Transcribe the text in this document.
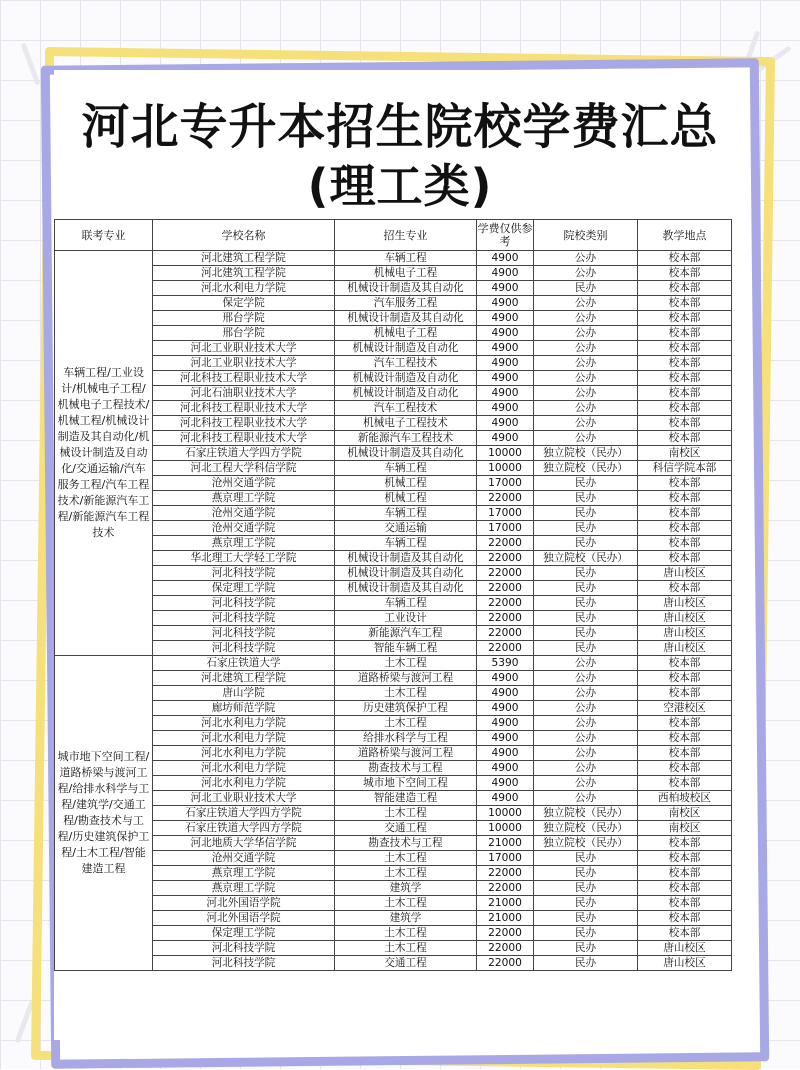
河北专升本招生院校学费汇总
(理工类)
联考专业	学校名称	招生专业	学费仅供参考	院校类别	教学地点
车辆工程/工业设计/机械电子工程/机械电子工程技术/机械工程/机械设计制造及其自动化/机械设计制造及自动化/交通运输/汽车服务工程/汽车工程技术/新能源汽车工程/新能源汽车工程技术	河北建筑工程学院	车辆工程	4900	公办	校本部
	河北建筑工程学院	机械电子工程	4900	公办	校本部
	河北水利电力学院	机械设计制造及其自动化	4900	民办	校本部
	保定学院	汽车服务工程	4900	公办	校本部
	邢台学院	机械设计制造及其自动化	4900	公办	校本部
	邢台学院	机械电子工程	4900	公办	校本部
	河北工业职业技术大学	机械设计制造及自动化	4900	公办	校本部
	河北工业职业技术大学	汽车工程技术	4900	公办	校本部
	河北科技工程职业技术大学	机械设计制造及自动化	4900	公办	校本部
	河北石油职业技术大学	机械设计制造及自动化	4900	公办	校本部
	河北科技工程职业技术大学	汽车工程技术	4900	公办	校本部
	河北科技工程职业技术大学	机械电子工程技术	4900	公办	校本部
	河北科技工程职业技术大学	新能源汽车工程技术	4900	公办	校本部
	石家庄铁道大学四方学院	机械设计制造及其自动化	10000	独立院校（民办）	南校区
	河北工程大学科信学院	车辆工程	10000	独立院校（民办）	科信学院本部
	沧州交通学院	机械工程	17000	民办	校本部
	燕京理工学院	机械工程	22000	民办	校本部
	沧州交通学院	车辆工程	17000	民办	校本部
	沧州交通学院	交通运输	17000	民办	校本部
	燕京理工学院	车辆工程	22000	民办	校本部
	华北理工大学轻工学院	机械设计制造及其自动化	22000	独立院校（民办）	校本部
	河北科技学院	机械设计制造及其自动化	22000	民办	唐山校区
	保定理工学院	机械设计制造及其自动化	22000	民办	校本部
	河北科技学院	车辆工程	22000	民办	唐山校区
	河北科技学院	工业设计	22000	民办	唐山校区
	河北科技学院	新能源汽车工程	22000	民办	唐山校区
	河北科技学院	智能车辆工程	22000	民办	唐山校区
城市地下空间工程/道路桥梁与渡河工程/给排水科学与工程/建筑学/交通工程/勘查技术与工程/历史建筑保护工程/土木工程/智能建造工程	石家庄铁道大学	土木工程	5390	公办	校本部
	河北建筑工程学院	道路桥梁与渡河工程	4900	公办	校本部
	唐山学院	土木工程	4900	公办	校本部
	廊坊师范学院	历史建筑保护工程	4900	公办	空港校区
	河北水利电力学院	土木工程	4900	公办	校本部
	河北水利电力学院	给排水科学与工程	4900	公办	校本部
	河北水利电力学院	道路桥梁与渡河工程	4900	公办	校本部
	河北水利电力学院	勘查技术与工程	4900	公办	校本部
	河北水利电力学院	城市地下空间工程	4900	公办	校本部
	河北工业职业技术大学	智能建造工程	4900	公办	西柏坡校区
	石家庄铁道大学四方学院	土木工程	10000	独立院校（民办）	南校区
	石家庄铁道大学四方学院	交通工程	10000	独立院校（民办）	南校区
	河北地质大学华信学院	勘查技术与工程	21000	独立院校（民办）	校本部
	沧州交通学院	土木工程	17000	民办	校本部
	燕京理工学院	土木工程	22000	民办	校本部
	燕京理工学院	建筑学	22000	民办	校本部
	河北外国语学院	土木工程	21000	民办	校本部
	河北外国语学院	建筑学	21000	民办	校本部
	保定理工学院	土木工程	22000	民办	校本部
	河北科技学院	土木工程	22000	民办	唐山校区
	河北科技学院	交通工程	22000	民办	唐山校区
